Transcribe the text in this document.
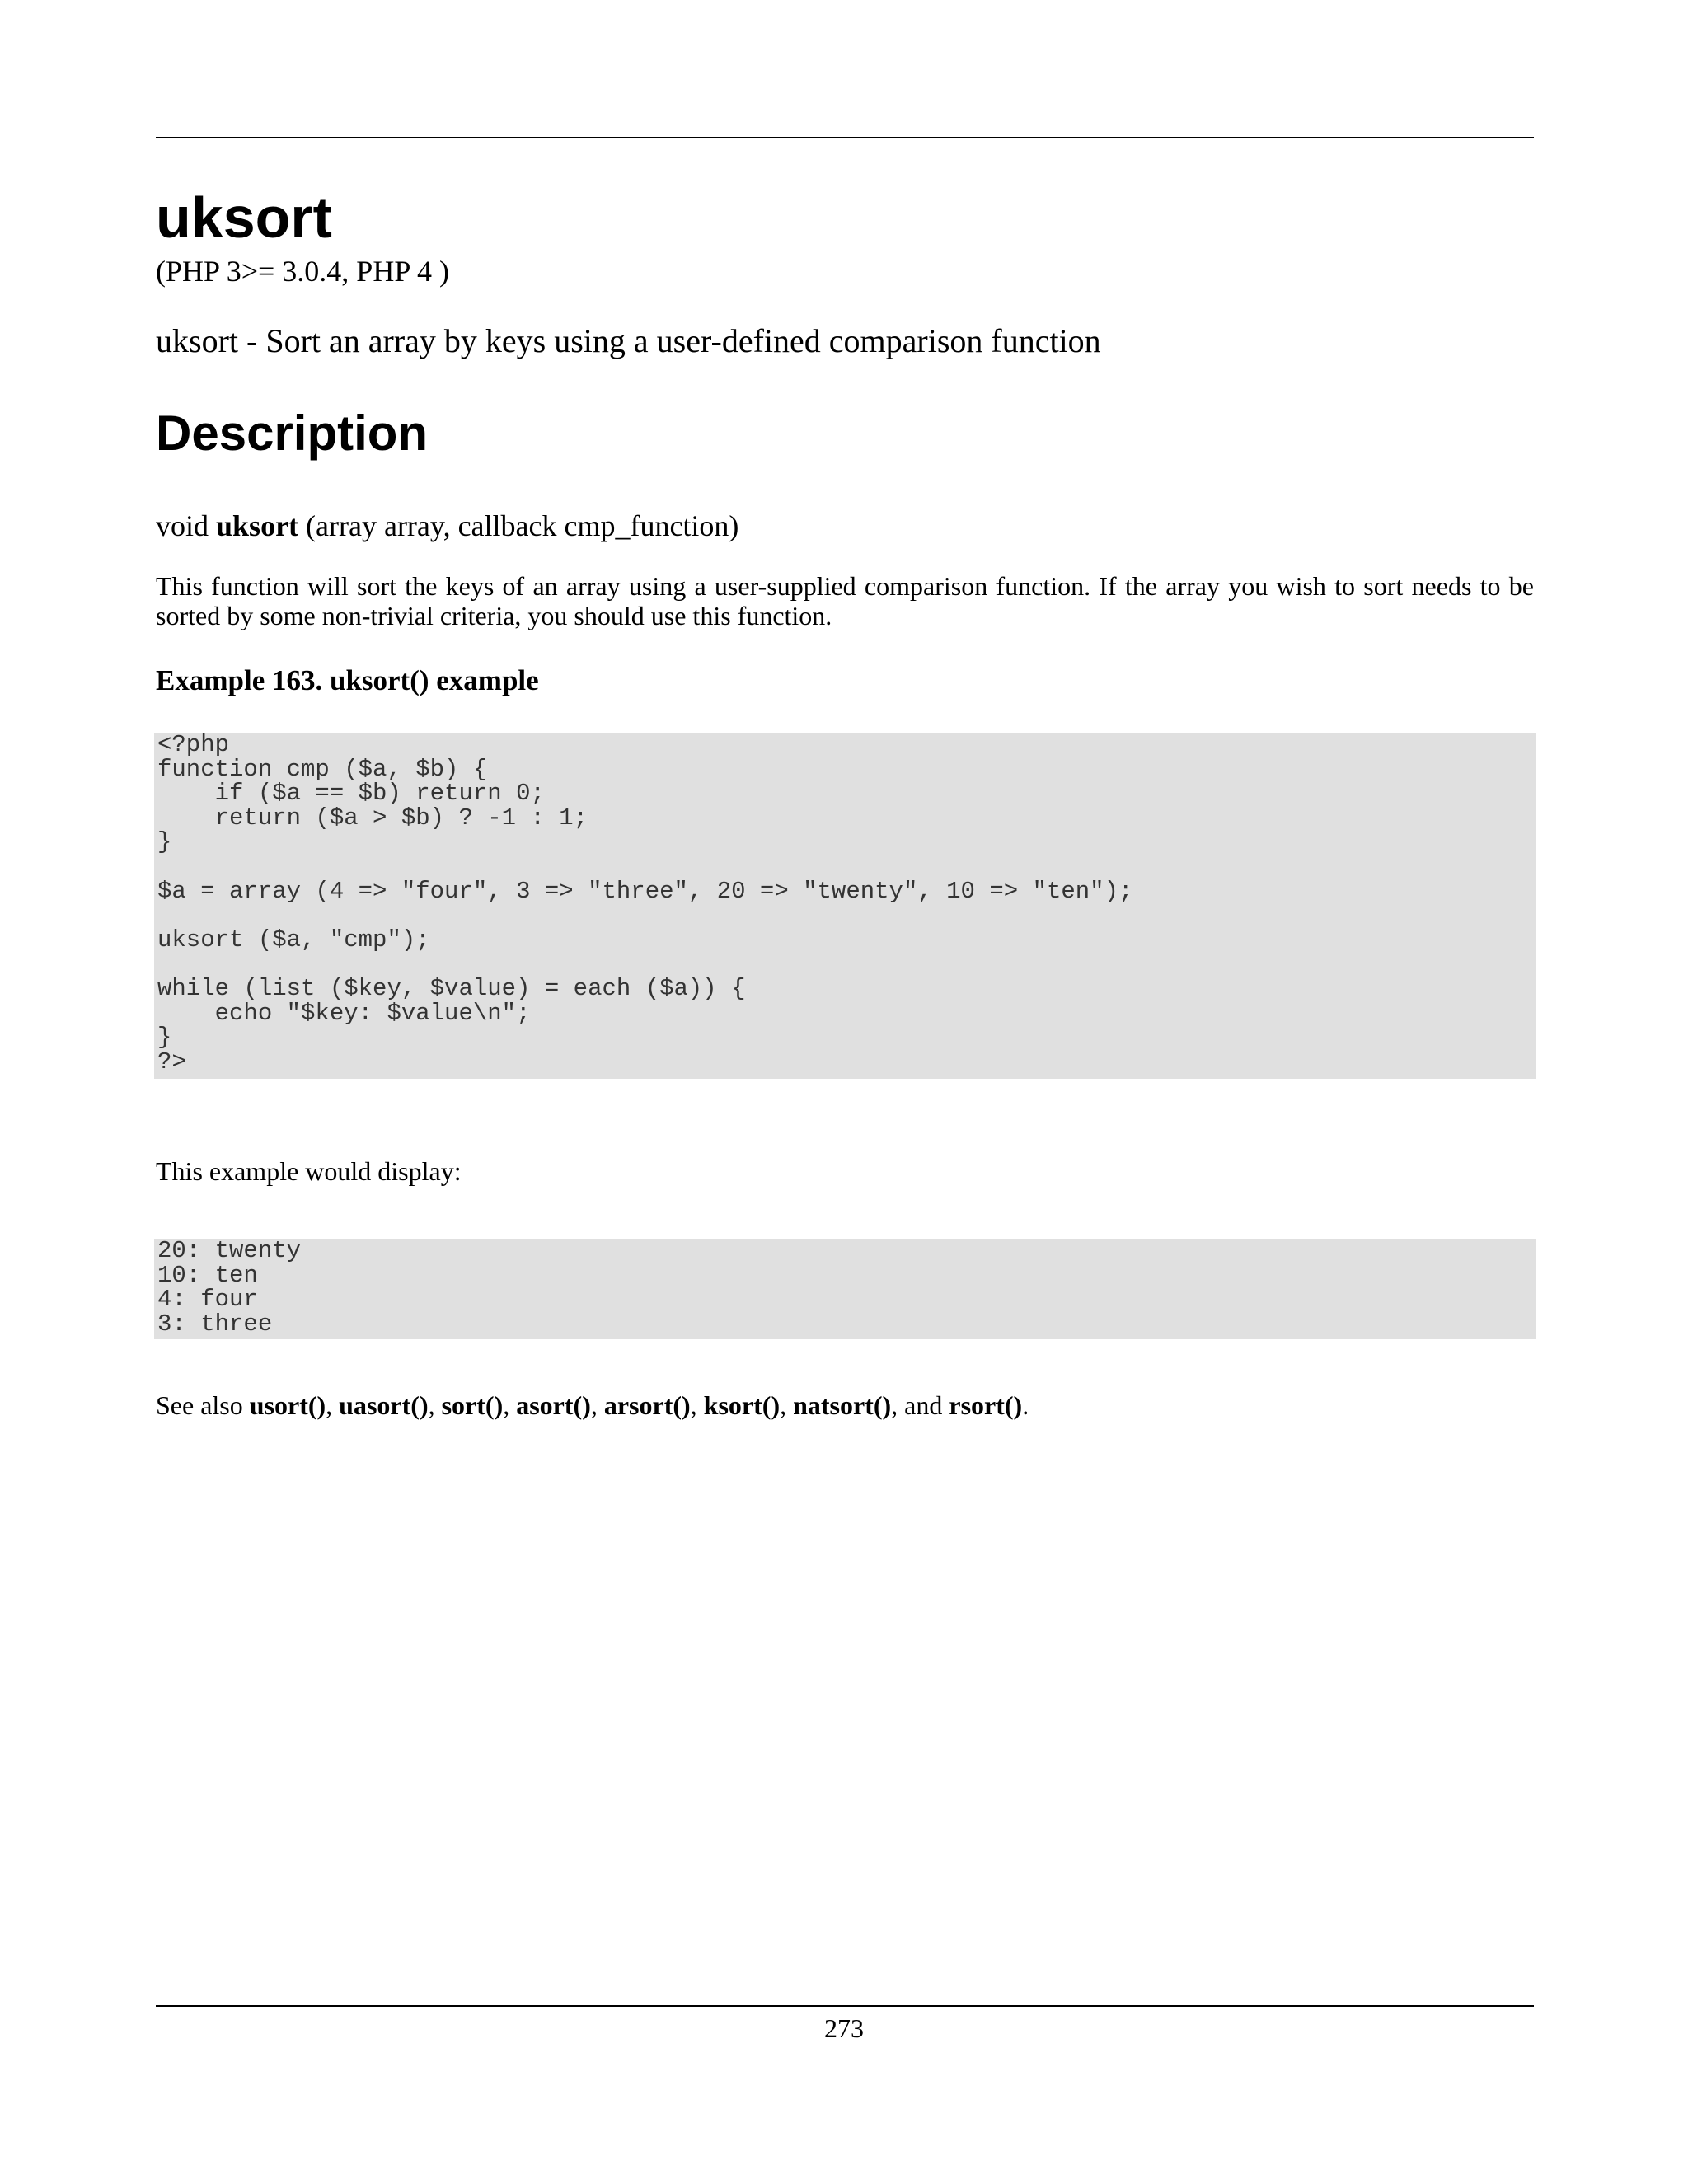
uksort
(PHP 3>= 3.0.4, PHP 4 )
uksort - Sort an array by keys using a user-defined comparison function
Description
void uksort (array array, callback cmp_function)

This function will sort the keys of an array using a user-supplied comparison function. If the array you wish to sort needs to be sorted by some non-trivial criteria, you should use this function.

Example 163. uksort() example
<?php
function cmp ($a, $b) {
if ($a == $b) return 0;
return ($a > $b) ? -1 : 1;
}
$a = array (4 => "four", 3 => "three", 20 => "twenty", 10 => "ten");
uksort ($a, "cmp");
while (list ($key, $value) = each ($a)) {
echo "$key: $value\n";
}
?>
This example would display:
20: twenty
10: ten
4: four
3: three
See also usort(), uasort(), sort(), asort(), arsort(), ksort(), natsort(), and rsort().
273
